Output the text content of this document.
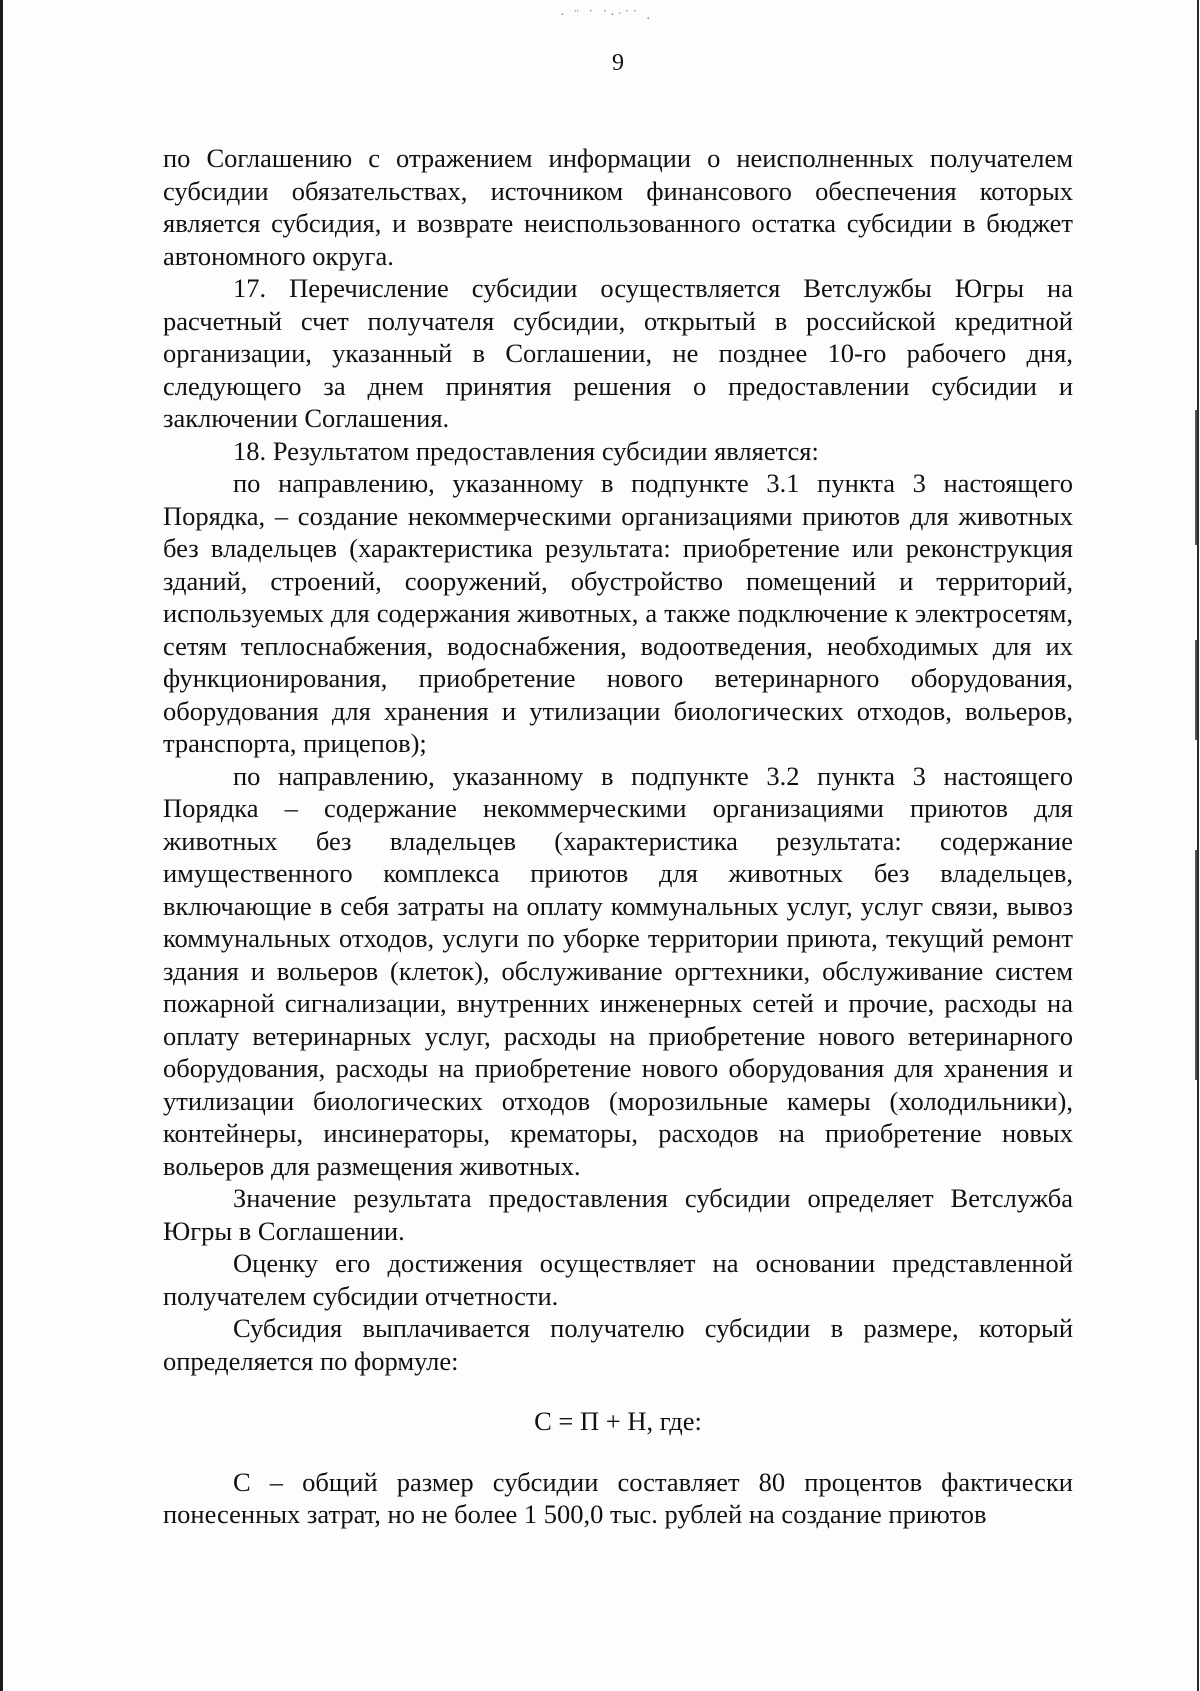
· ¨ ˙ ˙·ˑ˙˙ .
9

по Соглашению с отражением информации о неисполненных получателем субсидии обязательствах, источником финансового обеспечения которых является субсидия, и возврате неиспользованного остатка субсидии в бюджет автономного округа.

17. Перечисление субсидии осуществляется Ветслужбы Югры на расчетный счет получателя субсидии, открытый в российской кредитной организации, указанный в Соглашении, не позднее 10-го рабочего дня, следующего за днем принятия решения о предоставлении субсидии и заключении Соглашения.

18. Результатом предоставления субсидии является:

по направлению, указанному в подпункте 3.1 пункта 3 настоящего Порядка, – создание некоммерческими организациями приютов для животных без владельцев (характеристика результата: приобретение или реконструкция зданий, строений, сооружений, обустройство помещений и территорий, используемых для содержания животных, а также подключение к электросетям, сетям теплоснабжения, водоснабжения, водоотведения, необходимых для их функционирования, приобретение нового ветеринарного оборудования, оборудования для хранения и утилизации биологических отходов, вольеров, транспорта, прицепов);

по направлению, указанному в подпункте 3.2 пункта 3 настоящего Порядка – содержание некоммерческими организациями приютов для животных без владельцев (характеристика результата: содержание имущественного комплекса приютов для животных без владельцев, включающие в себя затраты на оплату коммунальных услуг, услуг связи, вывоз коммунальных отходов, услуги по уборке территории приюта, текущий ремонт здания и вольеров (клеток), обслуживание оргтехники, обслуживание систем пожарной сигнализации, внутренних инженерных сетей и прочие, расходы на оплату ветеринарных услуг, расходы на приобретение нового ветеринарного оборудования, расходы на приобретение нового оборудования для хранения и утилизации биологических отходов (морозильные камеры (холодильники), контейнеры, инсинераторы, крематоры, расходов на приобретение новых вольеров для размещения животных.

Значение результата предоставления субсидии определяет Ветслужба Югры в Соглашении.

Оценку его достижения осуществляет на основании представленной получателем субсидии отчетности.

Субсидия выплачивается получателю субсидии в размере, который определяется по формуле:

С = П + Н, где:

С – общий размер субсидии составляет 80 процентов фактически понесенных затрат, но не более 1 500,0 тыс. рублей на создание приютов
